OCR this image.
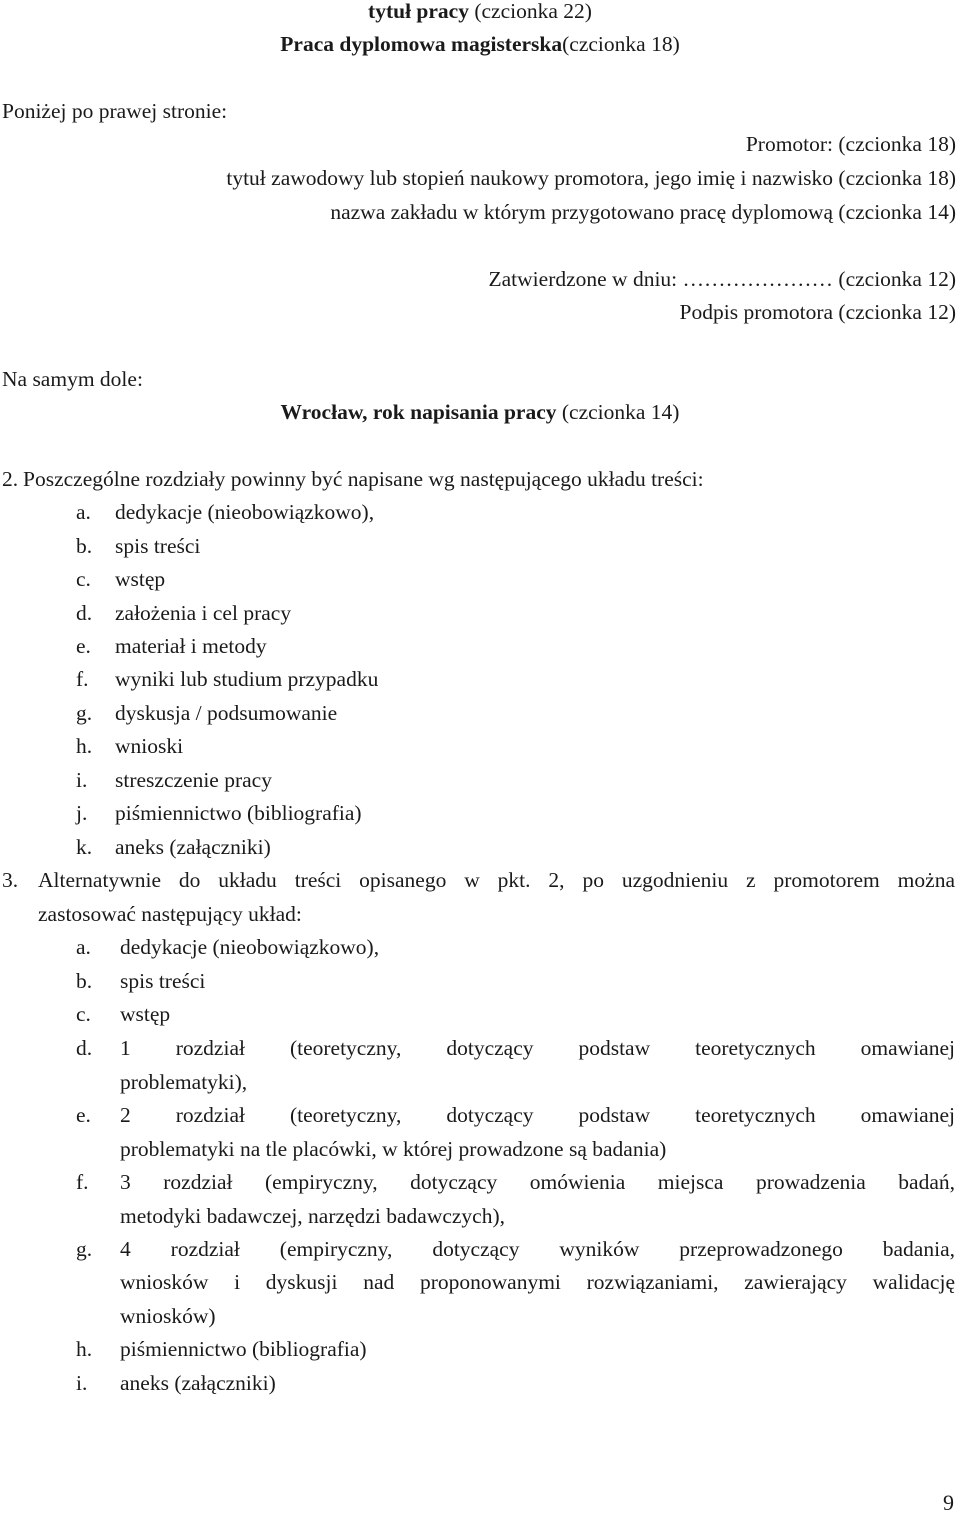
tytuł pracy (czcionka 22)
Praca dyplomowa magisterska(czcionka 18)
Poniżej po prawej stronie:
Promotor: (czcionka 18)
tytuł zawodowy lub stopień naukowy promotora, jego imię i nazwisko (czcionka 18)
nazwa zakładu w którym przygotowano pracę dyplomową (czcionka 14)
Zatwierdzone w dniu: ………………… (czcionka 12)
Podpis promotora (czcionka 12)
Na samym dole:
Wrocław, rok napisania pracy (czcionka 14)
2. Poszczególne rozdziały powinny być napisane wg następującego układu treści:
a. dedykacje (nieobowiązkowo),
b. spis treści
c. wstęp
d. założenia i cel pracy
e. materiał i metody
f. wyniki lub studium przypadku
g. dyskusja / podsumowanie
h. wnioski
i. streszczenie pracy
j. piśmiennictwo (bibliografia)
k. aneks (załączniki)
3. Alternatywnie do układu treści opisanego w pkt. 2, po uzgodnieniu z promotorem można
zastosować następujący układ:
a. dedykacje (nieobowiązkowo),
b. spis treści
c. wstęp
d. 1 rozdział (teoretyczny, dotyczący podstaw teoretycznych omawianej
problematyki),
e. 2 rozdział (teoretyczny, dotyczący podstaw teoretycznych omawianej
problematyki na tle placówki, w której prowadzone są badania)
f. 3 rozdział (empiryczny, dotyczący omówienia miejsca prowadzenia badań,
metodyki badawczej, narzędzi badawczych),
g. 4 rozdział (empiryczny, dotyczący wyników przeprowadzonego badania,
wniosków i dyskusji nad proponowanymi rozwiązaniami, zawierający walidację
wniosków)
h. piśmiennictwo (bibliografia)
i. aneks (załączniki)
9
